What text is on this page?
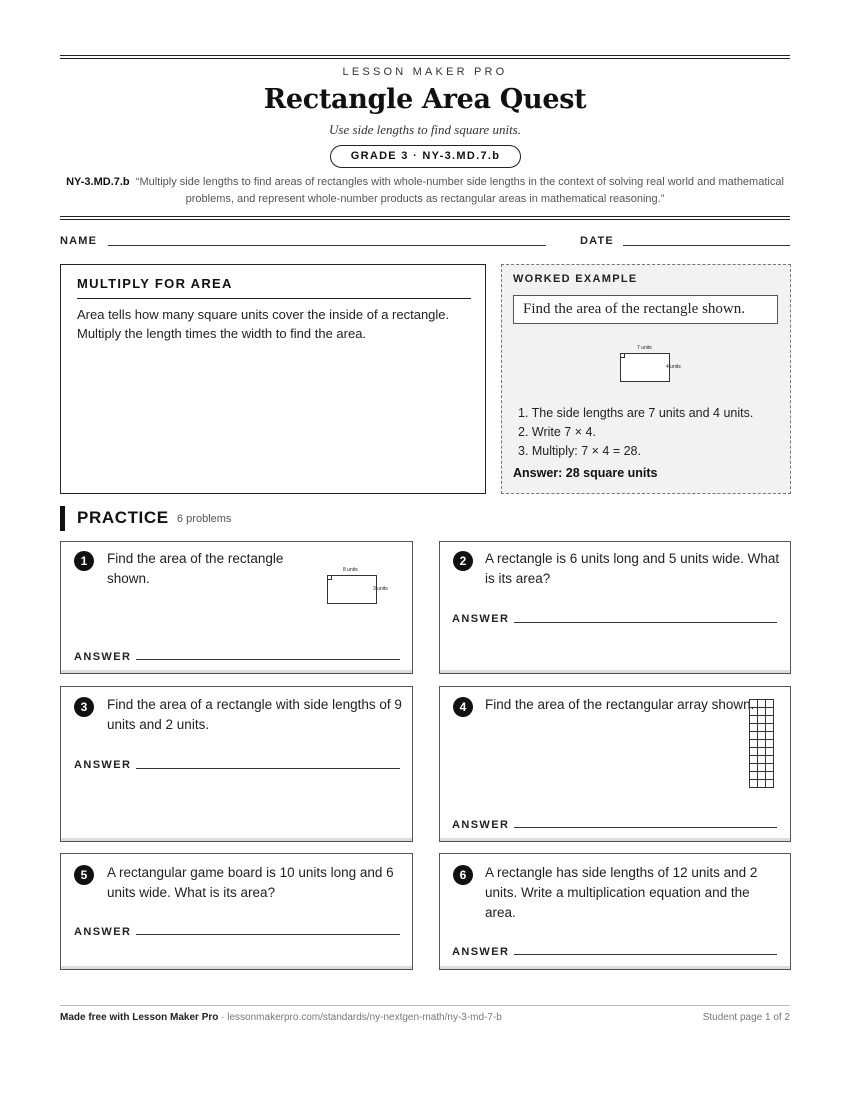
LESSON MAKER PRO
Rectangle Area Quest
Use side lengths to find square units.
GRADE 3 · NY-3.MD.7.b
NY-3.MD.7.b “Multiply side lengths to find areas of rectangles with whole-number side lengths in the context of solving real world and mathematical problems, and represent whole-number products as rectangular areas in mathematical reasoning.”
NAME	DATE
MULTIPLY FOR AREA
Area tells how many square units cover the inside of a rectangle. Multiply the length times the width to find the area.
WORKED EXAMPLE
Find the area of the rectangle shown.
7 units
4 units
1. The side lengths are 7 units and 4 units.
2. Write 7 × 4.
3. Multiply: 7 × 4 = 28.
Answer: 28 square units
PRACTICE 6 problems
1	Find the area of the rectangle shown.
8 units
3 units
ANSWER
2	A rectangle is 6 units long and 5 units wide. What is its area?
ANSWER
3	Find the area of a rectangle with side lengths of 9 units and 2 units.
ANSWER
4	Find the area of the rectangular array shown.
ANSWER
5	A rectangular game board is 10 units long and 6 units wide. What is its area?
ANSWER
6	A rectangle has side lengths of 12 units and 2 units. Write a multiplication equation and the area.
ANSWER
Made free with Lesson Maker Pro · lessonmakerpro.com/standards/ny-nextgen-math/ny-3-md-7-b	Student page 1 of 2
